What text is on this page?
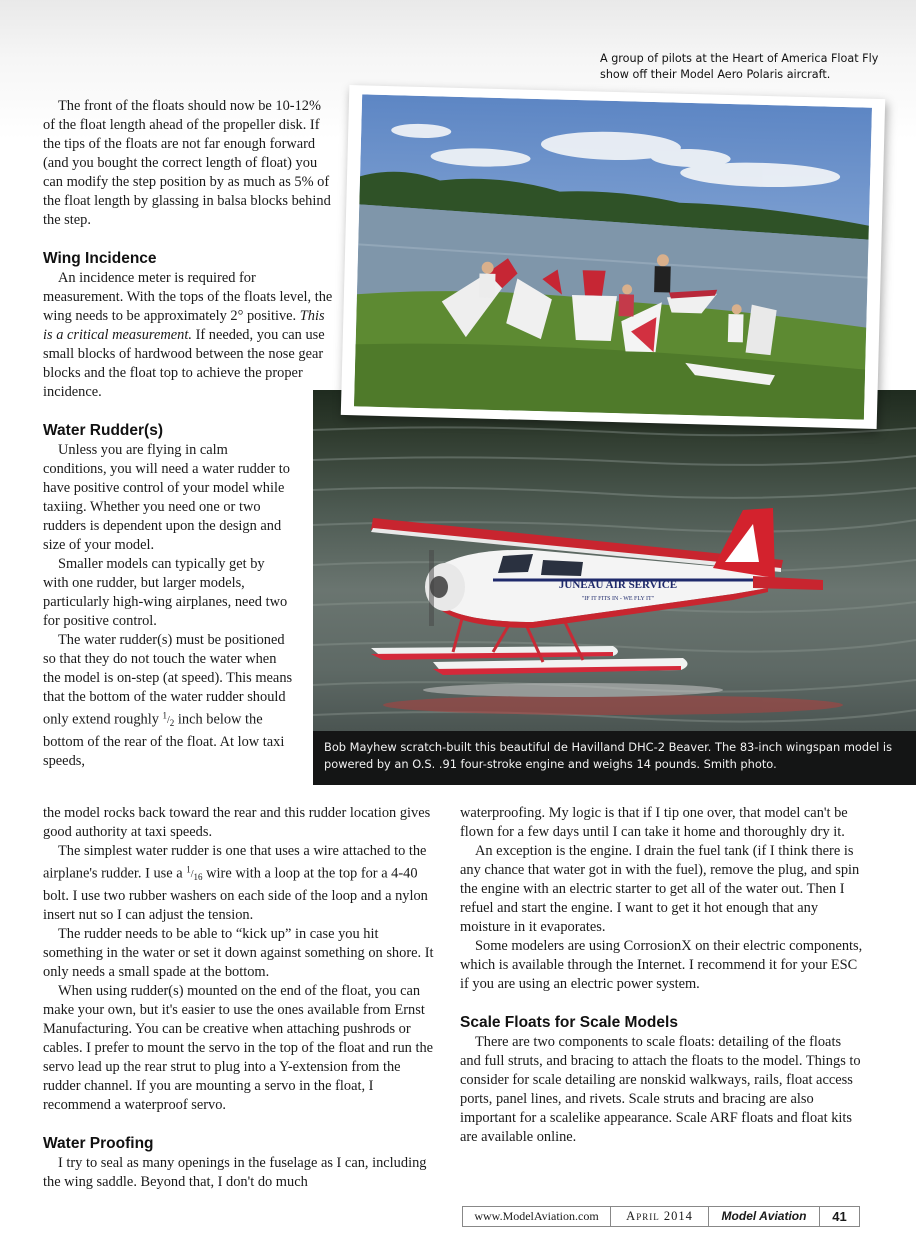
A group of pilots at the Heart of America Float Fly show off their Model Aero Polaris aircraft.
JUNEAU AIR SERVICE
"IF IT FITS IN - WE FLY IT"
Bob Mayhew scratch-built this beautiful de Havilland DHC-2 Beaver. The 83-inch wingspan model is powered by an O.S. .91 four-stroke engine and weighs 14 pounds. Smith photo.

The front of the floats should now be 10-12% of the float length ahead of the propeller disk. If the tips of the floats are not far enough forward (and you bought the correct length of float) you can modify the step position by as much as 5% of the float length by glassing in balsa blocks behind the step.

Wing Incidence

An incidence meter is required for measurement. With the tops of the floats level, the wing needs to be approximately 2° positive. This is a critical measurement. If needed, you can use small blocks of hardwood between the nose gear blocks and the float top to achieve the proper incidence.

Water Rudder(s)

Unless you are flying in calm conditions, you will need a water rudder to have positive control of your model while taxiing. Whether you need one or two rudders is dependent upon the design and size of your model.

Smaller models can typically get by with one rudder, but larger models, particularly high-wing airplanes, need two for positive control.

The water rudder(s) must be positioned so that they do not touch the water when the model is on-step (at speed). This means that the bottom of the water rudder should only extend roughly $^1/_2$ inch below the bottom of the rear of the float. At low taxi speeds,

the model rocks back toward the rear and this rudder location gives good authority at taxi speeds.

The simplest water rudder is one that uses a wire attached to the airplane's rudder. I use a $^1/_{16}$ wire with a loop at the top for a 4-40 bolt. I use two rubber washers on each side of the loop and a nylon insert nut so I can adjust the tension.

The rudder needs to be able to “kick up” in case you hit something in the water or set it down against something on shore. It only needs a small spade at the bottom.

When using rudder(s) mounted on the end of the float, you can make your own, but it's easier to use the ones available from Ernst Manufacturing. You can be creative when attaching pushrods or cables. I prefer to mount the servo in the top of the float and run the servo lead up the rear strut to plug into a Y-extension from the rudder channel. If you are mounting a servo in the float, I recommend a waterproof servo.

Water Proofing

I try to seal as many openings in the fuselage as I can, including the wing saddle. Beyond that, I don't do much

waterproofing. My logic is that if I tip one over, that model can't be flown for a few days until I can take it home and thoroughly dry it.

An exception is the engine. I drain the fuel tank (if I think there is any chance that water got in with the fuel), remove the plug, and spin the engine with an electric starter to get all of the water out. Then I refuel and start the engine. I want to get it hot enough that any moisture in it evaporates.

Some modelers are using CorrosionX on their electric components, which is available through the Internet. I recommend it for your ESC if you are using an electric power system.

Scale Floats for Scale Models

There are two components to scale floats: detailing of the floats and full struts, and bracing to attach the floats to the model. Things to consider for scale detailing are nonskid walkways, rails, float access ports, panel lines, and rivets. Scale struts and bracing are also important for a scalelike appearance. Scale ARF floats and float kits are available online.

www.ModelAviation.com	April 2014	Model Aviation	41
